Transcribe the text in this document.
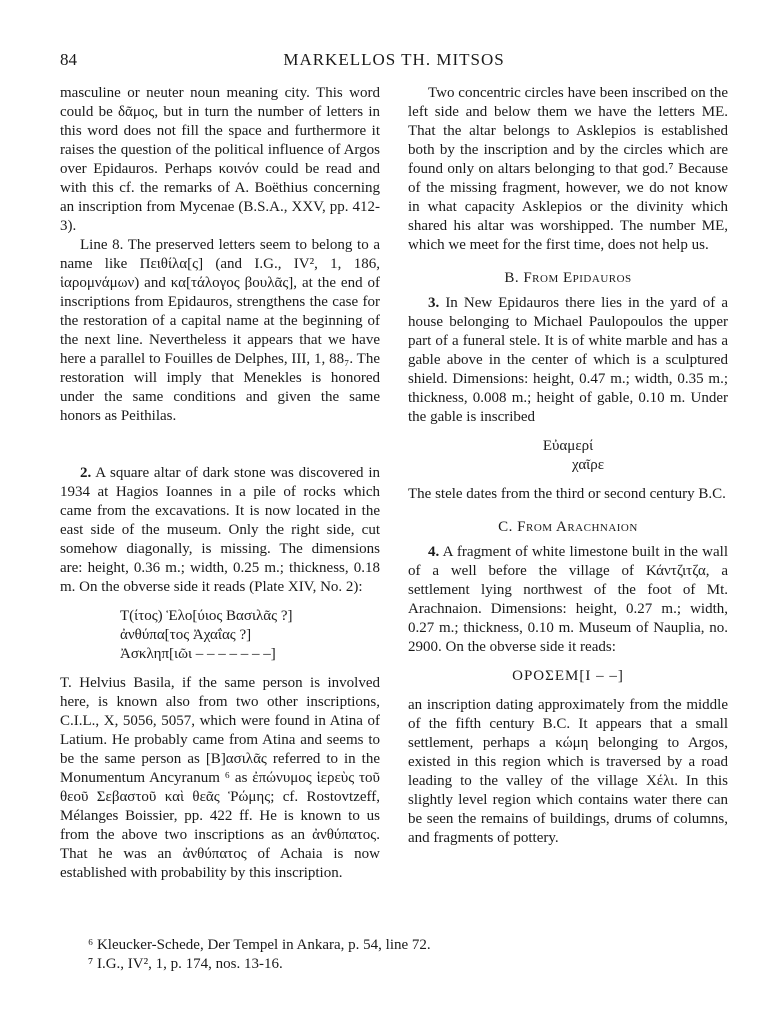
84	MARKELLOS TH. MITSOS

masculine or neuter noun meaning city. This word could be δᾶμος, but in turn the number of letters in this word does not fill the space and furthermore it raises the question of the political influence of Argos over Epidauros. Perhaps κοινόν could be read and with this cf. the remarks of A. Boëthius concerning an inscription from Mycenae (B.S.A., XXV, pp. 412-3).

Line 8. The preserved letters seem to belong to a name like Πειθίλα[ς] (and I.G., IV², 1, 186, ἱαρομνάμων) and κα[τάλογος βουλᾶς], at the end of inscriptions from Epidauros, strengthens the case for the restoration of a capital name at the beginning of the next line. Nevertheless it appears that we have here a parallel to Fouilles de Delphes, III, 1, 88₇. The restoration will imply that Menekles is honored under the same conditions and given the same honors as Peithilas.

2. A square altar of dark stone was discovered in 1934 at Hagios Ioannes in a pile of rocks which came from the excavations. It is now located in the east side of the museum. Only the right side, cut somehow diagonally, is missing. The dimensions are: height, 0.36 m.; width, 0.25 m.; thickness, 0.18 m. On the obverse side it reads (Plate XIV, No. 2):

Τ(ίτος) Ἑλο[ύιος Βασιλᾶς ?]
ἀνθύπα[τος Ἀχαΐας ?]
Ἀσκληπ[ιῶι – – – – – – –]

T. Helvius Basila, if the same person is involved here, is known also from two other inscriptions, C.I.L., X, 5056, 5057, which were found in Atina of Latium. He probably came from Atina and seems to be the same person as [Β]ασιλᾶς referred to in the Monumentum Ancyranum ⁶ as ἐπώνυμος ἱερεὺς τοῦ θεοῦ Σεβαστοῦ καὶ θεᾶς Ῥώμης; cf. Rostovtzeff, Mélanges Boissier, pp. 422 ff. He is known to us from the above two inscriptions as an ἀνθύπατος. That he was an ἀνθύπατος of Achaia is now established with probability by this inscription.

Two concentric circles have been inscribed on the left side and below them we have the letters ΜΕ. That the altar belongs to Asklepios is established both by the inscription and by the circles which are found only on altars belonging to that god.⁷ Because of the missing fragment, however, we do not know in what capacity Asklepios or the divinity which shared his altar was worshipped. The number ΜΕ, which we meet for the first time, does not help us.

B. From Epidauros

3. In New Epidauros there lies in the yard of a house belonging to Michael Paulopoulos the upper part of a funeral stele. It is of white marble and has a gable above in the center of which is a sculptured shield. Dimensions: height, 0.47 m.; width, 0.35 m.; thickness, 0.008 m.; height of gable, 0.10 m. Under the gable is inscribed

Εὐαμερί
χαῖρε

The stele dates from the third or second century B.C.

C. From Arachnaion

4. A fragment of white limestone built in the wall of a well before the village of Κάντζιτζα, a settlement lying northwest of the foot of Mt. Arachnaion. Dimensions: height, 0.27 m.; width, 0.27 m.; thickness, 0.10 m. Museum of Nauplia, no. 2900. On the obverse side it reads:

ΟΡΟΣΕΜ[Ι – –]

an inscription dating approximately from the middle of the fifth century B.C. It appears that a small settlement, perhaps a κώμη belonging to Argos, existed in this region which is traversed by a road leading to the valley of the village Χέλι. In this slightly level region which contains water there can be seen the remains of buildings, drums of columns, and fragments of pottery.

⁶ Kleucker-Schede, Der Tempel in Ankara, p. 54, line 72.
⁷ I.G., IV², 1, p. 174, nos. 13-16.
